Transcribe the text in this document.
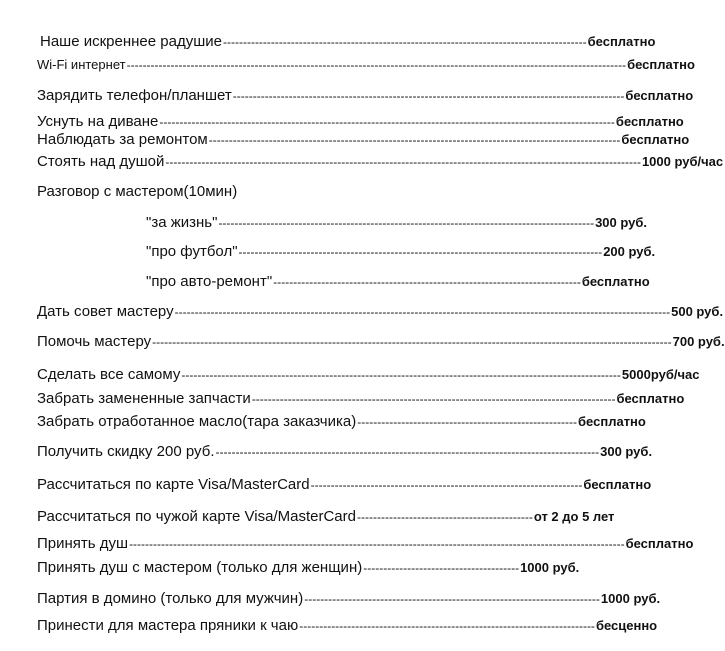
Наше искреннее радушие ------------------------------------------------------------------------------------------- бесплатно
Wi-Fi интернет ----------------------------------------------------------------------------------------------------------------------------- бесплатно
Зарядить телефон/планшет -------------------------------------------------------------------------------------------------- бесплатно
Уснуть на диване ------------------------------------------------------------------------------------------------------------------ бесплатно
Наблюдать за ремонтом ------------------------------------------------------------------------------------------------------- бесплатно
Стоять над душой ----------------------------------------------------------------------------------------------------------------------- 1000 руб/час
Разговор с мастером(10мин)
"за жизнь" ---------------------------------------------------------------------------------------------- 300 руб.
"про футбол" ------------------------------------------------------------------------------------------- 200 руб.
"про авто-ремонт" ----------------------------------------------------------------------------- бесплатно
Дать совет мастеру ---------------------------------------------------------------------------------------------------------------------------- 500 руб.
Помочь мастеру ---------------------------------------------------------------------------------------------------------------------------------- 700 руб.
Сделать все самому -------------------------------------------------------------------------------------------------------------- 5000руб/час
Забрать замененные запчасти ------------------------------------------------------------------------------------------- бесплатно
Забрать отработанное масло(тара заказчика) ------------------------------------------------------- бесплатно
Получить скидку 200 руб. ------------------------------------------------------------------------------------------------ 300 руб.
Рассчитаться по карте Visa/MasterCard -------------------------------------------------------------------- бесплатно
Рассчитаться по чужой карте Visa/MasterCard -------------------------------------------- от 2 до 5 лет
Принять душ ---------------------------------------------------------------------------------------------------------------------------- бесплатно
Принять душ с мастером (только для женщин) --------------------------------------- 1000 руб.
Партия в домино (только для мужчин) -------------------------------------------------------------------------- 1000 руб.
Принести для мастера пряники к чаю -------------------------------------------------------------------------- бесценно
